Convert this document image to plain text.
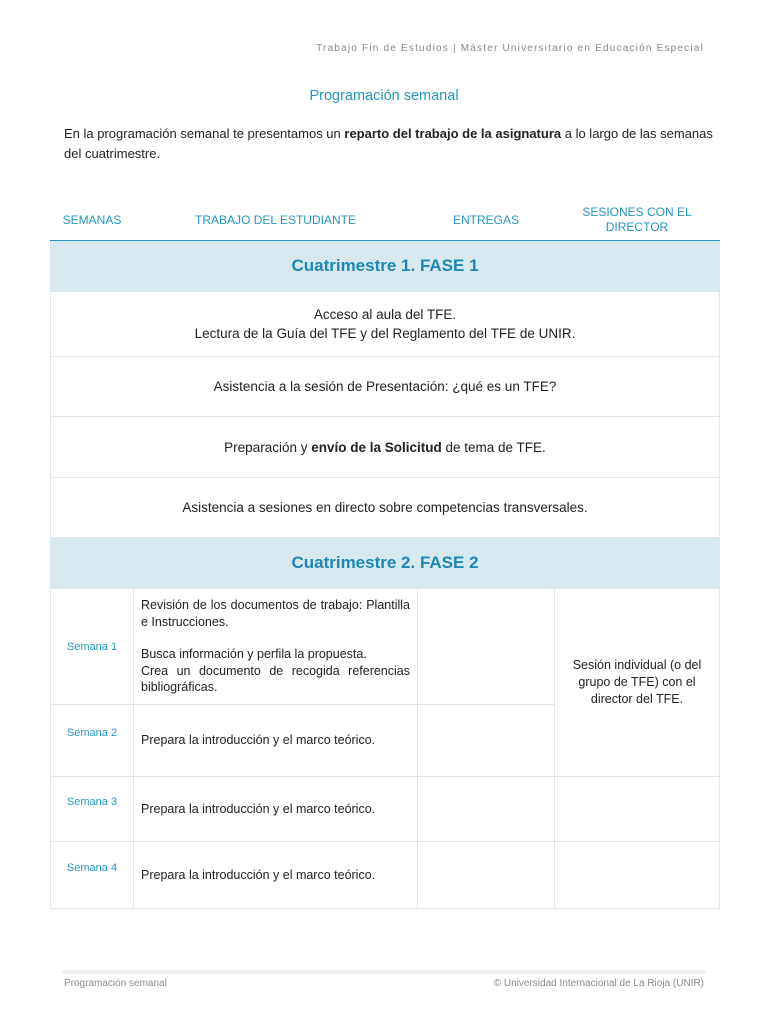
Trabajo Fin de Estudios | Máster Universitario en Educación Especial
Programación semanal
En la programación semanal te presentamos un reparto del trabajo de la asignatura a lo largo de las semanas del cuatrimestre.
SEMANAS	TRABAJO DEL ESTUDIANTE	ENTREGAS	SESIONES CON EL DIRECTOR
Cuatrimestre 1. FASE 1			
Acceso al aula del TFE.
Lectura de la Guía del TFE y del Reglamento del TFE de UNIR.			
Asistencia a la sesión de Presentación: ¿qué es un TFE?			
Preparación y envío de la Solicitud de tema de TFE.			
Asistencia a sesiones en directo sobre competencias transversales.			
Cuatrimestre 2. FASE 2			
Semana 1	Revisión de los documentos de trabajo: Plantilla e Instrucciones.

Busca información y perfila la propuesta.

Crea un documento de recogida referencias bibliográficas.		Sesión individual (o del grupo de TFE) con el director del TFE.
Semana 2	Prepara la introducción y el marco teórico.		
Semana 3	Prepara la introducción y el marco teórico.		
Semana 4	Prepara la introducción y el marco teórico.		
Programación semanal	© Universidad Internacional de La Rioja (UNIR)
